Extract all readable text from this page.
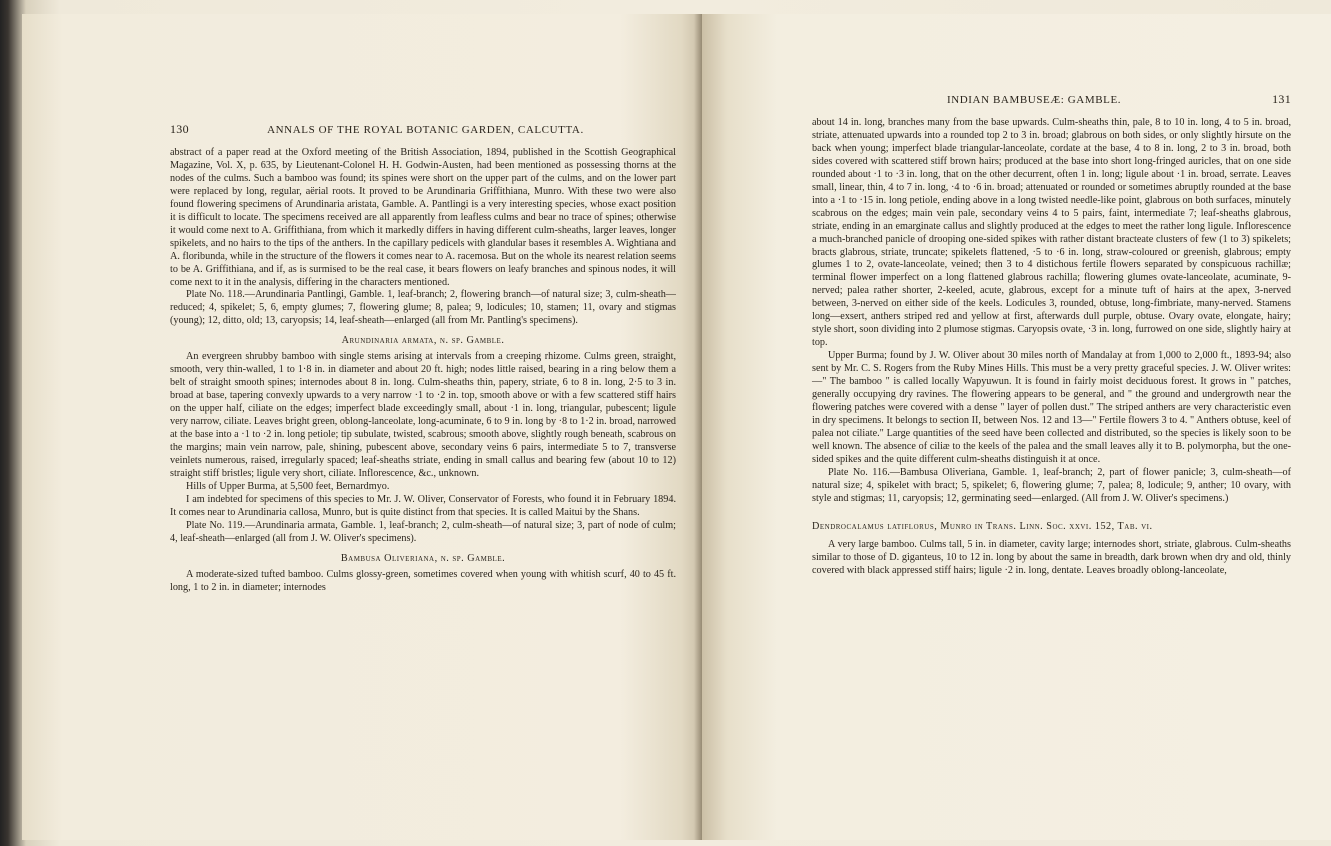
130	ANNALS OF THE ROYAL BOTANIC GARDEN, CALCUTTA.

abstract of a paper read at the Oxford meeting of the British Association, 1894, published in the Scottish Geographical Magazine, Vol. X, p. 635, by Lieutenant-Colonel H. H. Godwin-Austen, had been mentioned as possessing thorns at the nodes of the culms. Such a bamboo was found; its spines were short on the upper part of the culms, and on the lower part were replaced by long, regular, aërial roots. It proved to be Arundinaria Griffithiana, Munro. With these two were also found flowering specimens of Arundinaria aristata, Gamble. A. Pantlingi is a very interesting species, whose exact position it is difficult to locate. The specimens received are all apparently from leafless culms and bear no trace of spines; otherwise it would come next to A. Griffithiana, from which it markedly differs in having different culm-sheaths, larger leaves, longer spikelets, and no hairs to the tips of the anthers. In the capillary pedicels with glandular bases it resembles A. Wightiana and A. floribunda, while in the structure of the flowers it comes near to A. racemosa. But on the whole its nearest relation seems to be A. Griffithiana, and if, as is surmised to be the real case, it bears flowers on leafy branches and spinous nodes, it will come next to it in the analysis, differing in the characters mentioned.

Plate No. 118.—Arundinaria Pantlingi, Gamble. 1, leaf-branch; 2, flowering branch—of natural size; 3, culm-sheath—reduced; 4, spikelet; 5, 6, empty glumes; 7, flowering glume; 8, palea; 9, lodicules; 10, stamen; 11, ovary and stigmas (young); 12, ditto, old; 13, caryopsis; 14, leaf-sheath—enlarged (all from Mr. Pantling's specimens).

Arundinaria armata, n. sp. Gamble.

An evergreen shrubby bamboo with single stems arising at intervals from a creeping rhizome. Culms green, straight, smooth, very thin-walled, 1 to 1·8 in. in diameter and about 20 ft. high; nodes little raised, bearing in a ring below them a belt of straight smooth spines; internodes about 8 in. long. Culm-sheaths thin, papery, striate, 6 to 8 in. long, 2·5 to 3 in. broad at base, tapering convexly upwards to a very narrow ·1 to ·2 in. top, smooth above or with a few scattered stiff hairs on the upper half, ciliate on the edges; imperfect blade exceedingly small, about ·1 in. long, triangular, pubescent; ligule very narrow, ciliate. Leaves bright green, oblong-lanceolate, long-acuminate, 6 to 9 in. long by ·8 to 1·2 in. broad, narrowed at the base into a ·1 to ·2 in. long petiole; tip subulate, twisted, scabrous; smooth above, slightly rough beneath, scabrous on the margins; main vein narrow, pale, shining, pubescent above, secondary veins 6 pairs, intermediate 5 to 7, transverse veinlets numerous, raised, irregularly spaced; leaf-sheaths striate, ending in small callus and bearing few (about 10 to 12) straight stiff bristles; ligule very short, ciliate. Inflorescence, &c., unknown.

Hills of Upper Burma, at 5,500 feet, Bernardmyo.

I am indebted for specimens of this species to Mr. J. W. Oliver, Conservator of Forests, who found it in February 1894. It comes near to Arundinaria callosa, Munro, but is quite distinct from that species. It is called Maitui by the Shans.

Plate No. 119.—Arundinaria armata, Gamble. 1, leaf-branch; 2, culm-sheath—of natural size; 3, part of node of culm; 4, leaf-sheath—enlarged (all from J. W. Oliver's specimens).

Bambusa Oliveriana, n. sp. Gamble.

A moderate-sized tufted bamboo. Culms glossy-green, sometimes covered when young with whitish scurf, 40 to 45 ft. long, 1 to 2 in. in diameter; internodes

INDIAN BAMBUSEÆ: GAMBLE.	131

about 14 in. long, branches many from the base upwards. Culm-sheaths thin, pale, 8 to 10 in. long, 4 to 5 in. broad, striate, attenuated upwards into a rounded top 2 to 3 in. broad; glabrous on both sides, or only slightly hirsute on the back when young; imperfect blade triangular-lanceolate, cordate at the base, 4 to 8 in. long, 2 to 3 in. broad, both sides covered with scattered stiff brown hairs; produced at the base into short long-fringed auricles, that on one side rounded about ·1 to ·3 in. long, that on the other decurrent, often 1 in. long; ligule about ·1 in. broad, serrate. Leaves small, linear, thin, 4 to 7 in. long, ·4 to ·6 in. broad; attenuated or rounded or sometimes abruptly rounded at the base into a ·1 to ·15 in. long petiole, ending above in a long twisted needle-like point, glabrous on both surfaces, minutely scabrous on the edges; main vein pale, secondary veins 4 to 5 pairs, faint, intermediate 7; leaf-sheaths glabrous, striate, ending in an emarginate callus and slightly produced at the edges to meet the rather long ligule. Inflorescence a much-branched panicle of drooping one-sided spikes with rather distant bracteate clusters of few (1 to 3) spikelets; bracts glabrous, striate, truncate; spikelets flattened, ·5 to ·6 in. long, straw-coloured or greenish, glabrous; empty glumes 1 to 2, ovate-lanceolate, veined; then 3 to 4 distichous fertile flowers separated by conspicuous rachillæ; terminal flower imperfect on a long flattened glabrous rachilla; flowering glumes ovate-lanceolate, acuminate, 9-nerved; palea rather shorter, 2-keeled, acute, glabrous, except for a minute tuft of hairs at the apex, 3-nerved between, 3-nerved on either side of the keels. Lodicules 3, rounded, obtuse, long-fimbriate, many-nerved. Stamens long—exsert, anthers striped red and yellow at first, afterwards dull purple, obtuse. Ovary ovate, elongate, hairy; style short, soon dividing into 2 plumose stigmas. Caryopsis ovate, ·3 in. long, furrowed on one side, slightly hairy at top.

Upper Burma; found by J. W. Oliver about 30 miles north of Mandalay at from 1,000 to 2,000 ft., 1893-94; also sent by Mr. C. S. Rogers from the Ruby Mines Hills. This must be a very pretty graceful species. J. W. Oliver writes:—" The bamboo " is called locally Wapyuwun. It is found in fairly moist deciduous forest. It grows in " patches, generally occupying dry ravines. The flowering appears to be general, and " the ground and undergrowth near the flowering patches were covered with a dense " layer of pollen dust." The striped anthers are very characteristic even in dry specimens. It belongs to section II, between Nos. 12 and 13—" Fertile flowers 3 to 4. " Anthers obtuse, keel of palea not ciliate." Large quantities of the seed have been collected and distributed, so the species is likely soon to be well known. The absence of ciliæ to the keels of the palea and the small leaves ally it to B. polymorpha, but the one-sided spikes and the quite different culm-sheaths distinguish it at once.

Plate No. 116.—Bambusa Oliveriana, Gamble. 1, leaf-branch; 2, part of flower panicle; 3, culm-sheath—of natural size; 4, spikelet with bract; 5, spikelet; 6, flowering glume; 7, palea; 8, lodicule; 9, anther; 10 ovary, with style and stigmas; 11, caryopsis; 12, germinating seed—enlarged. (All from J. W. Oliver's specimens.)

Dendrocalamus latiflorus, Munro in Trans. Linn. Soc. xxvi. 152, Tab. vi.

A very large bamboo. Culms tall, 5 in. in diameter, cavity large; internodes short, striate, glabrous. Culm-sheaths similar to those of D. giganteus, 10 to 12 in. long by about the same in breadth, dark brown when dry and old, thinly covered with black appressed stiff hairs; ligule ·2 in. long, dentate. Leaves broadly oblong-lanceolate,
